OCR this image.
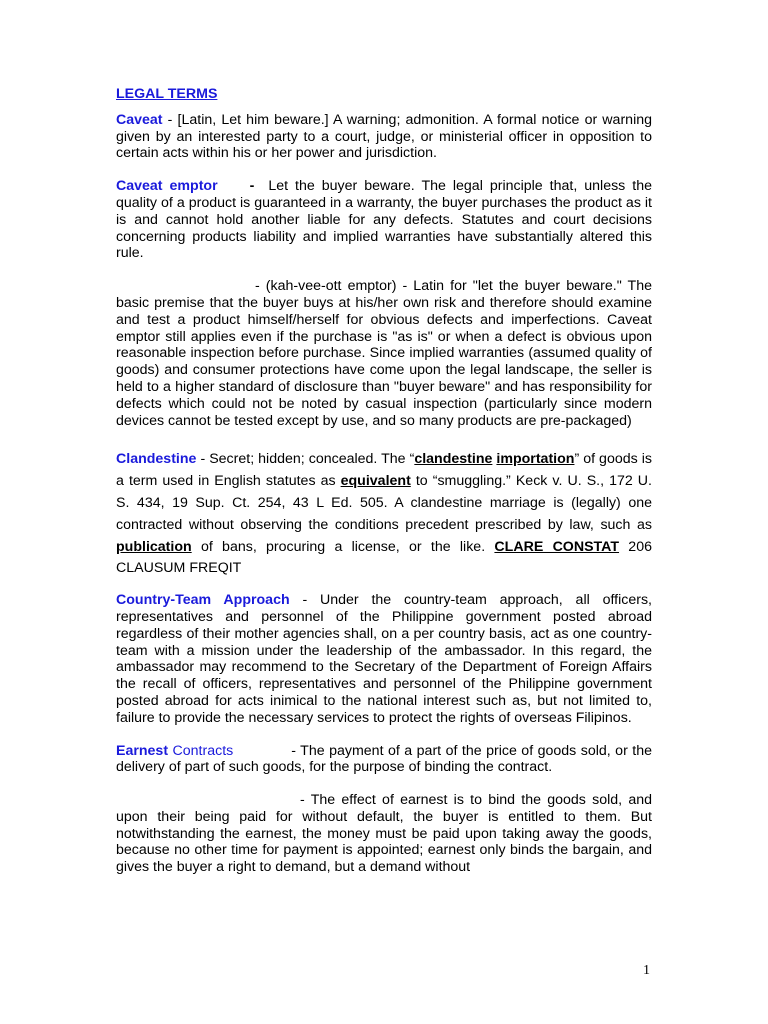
LEGAL TERMS

Caveat - [Latin, Let him beware.] A warning; admonition. A formal notice or warning given by an interested party to a court, judge, or ministerial officer in opposition to certain acts within his or her power and jurisdiction.

Caveat emptor - Let the buyer beware. The legal principle that, unless the quality of a product is guaranteed in a warranty, the buyer purchases the product as it is and cannot hold another liable for any defects. Statutes and court decisions concerning products liability and implied warranties have substantially altered this rule.

- (kah-vee-ott emptor) - Latin for "let the buyer beware." The basic premise that the buyer buys at his/her own risk and therefore should examine and test a product himself/herself for obvious defects and imperfections. Caveat emptor still applies even if the purchase is "as is" or when a defect is obvious upon reasonable inspection before purchase. Since implied warranties (assumed quality of goods) and consumer protections have come upon the legal landscape, the seller is held to a higher standard of disclosure than "buyer beware" and has responsibility for defects which could not be noted by casual inspection (particularly since modern devices cannot be tested except by use, and so many products are pre-packaged)

Clandestine - Secret; hidden; concealed. The “clandestine importation” of goods is a term used in English statutes as equivalent to “smuggling.” Keck v. U. S., 172 U. S. 434, 19 Sup. Ct. 254, 43 L Ed. 505. A clandestine marriage is (legally) one contracted without observing the conditions precedent prescribed by law, such as publication of bans, procuring a license, or the like. CLARE CONSTAT 206 CLAUSUM FREQIT

Country-Team Approach - Under the country-team approach, all officers, representatives and personnel of the Philippine government posted abroad regardless of their mother agencies shall, on a per country basis, act as one country-team with a mission under the leadership of the ambassador. In this regard, the ambassador may recommend to the Secretary of the Department of Foreign Affairs the recall of officers, representatives and personnel of the Philippine government posted abroad for acts inimical to the national interest such as, but not limited to, failure to provide the necessary services to protect the rights of overseas Filipinos.

Earnest Contracts	- The payment of a part of the price of goods sold, or the delivery of part of such goods, for the purpose of binding the contract.

- The effect of earnest is to bind the goods sold, and upon their being paid for without default, the buyer is entitled to them. But notwithstanding the earnest, the money must be paid upon taking away the goods, because no other time for payment is appointed; earnest only binds the bargain, and gives the buyer a right to demand, but a demand without

1
